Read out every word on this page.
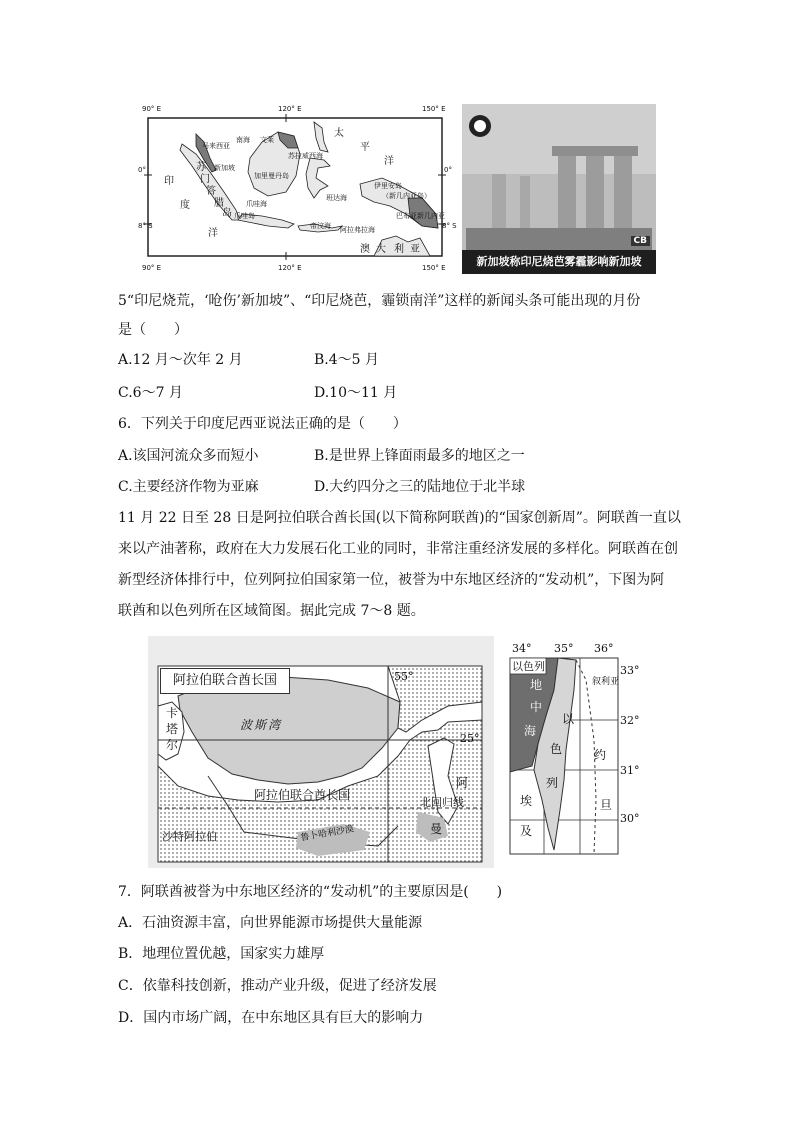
90° E	120° E	150° E
90° E	120° E	150° E
0°	0°
8° S	8° S
南海 文莱
马来西亚
苏拉威西海
太
平
洋
新加坡
加里曼丹岛
苏
门
答
腊
岛
爪哇海
班达海
伊里安岛
（新几内亚岛）
巴布亚新几内亚
阿拉弗拉海
帝汶海
爪哇岛
印
度
洋
澳 大 利 亚
CB
新加坡称印尼烧芭雾霾影响新加坡
5“印尼烧荒，‘呛伤’新加坡”、“印尼烧芭，霾锁南洋”这样的新闻头条可能出现的月份
是（　　）
A.12 月～次年 2 月	B.4～5 月
C.6～7 月	D.10～11 月
6．下列关于印度尼西亚说法正确的是（　　）
A.该国河流众多而短小	B.是世界上锋面雨最多的地区之一
C.主要经济作物为亚麻	D.大约四分之三的陆地位于北半球
11 月 22 日至 28 日是阿拉伯联合酋长国(以下简称阿联酋)的“国家创新周”。阿联酋一直以
来以产油著称，政府在大力发展石化工业的同时，非常注重经济发展的多样化。阿联酋在创
新型经济体排行中，位列阿拉伯国家第一位，被誉为中东地区经济的“发动机”，下图为阿
联酋和以色列所在区域简图。据此完成 7～8 题。
阿拉伯联合酋长国	55°
25°
卡
塔
尔
波斯湾
阿拉伯联合酋长国
北回归线
阿
曼
沙特阿拉伯	鲁卜哈利沙漠
以色列
34° 35° 36°
33°
32°
31°
30°
叙利亚
地
中
海
以
色
列
约
旦
埃
及
7．阿联酋被誉为中东地区经济的“发动机”的主要原因是(　　)
A．石油资源丰富，向世界能源市场提供大量能源
B．地理位置优越，国家实力雄厚
C．依靠科技创新，推动产业升级，促进了经济发展
D．国内市场广阔，在中东地区具有巨大的影响力
